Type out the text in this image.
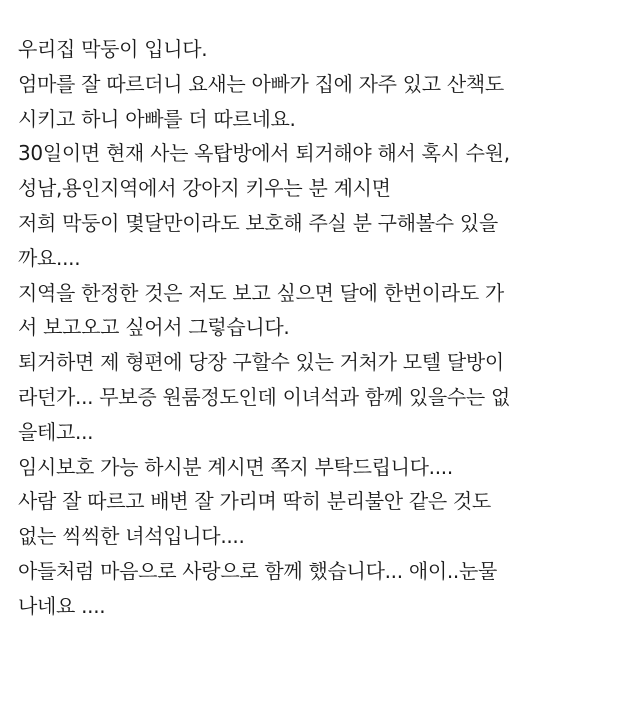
우리집 막둥이 입니다.
엄마를 잘 따르더니 요새는 아빠가 집에 자주 있고 산책도
시키고 하니 아빠를 더 따르네요.
30일이면 현재 사는 옥탑방에서 퇴거해야 해서 혹시 수원,
성남,용인지역에서 강아지 키우는 분 계시면
저희 막둥이 몇달만이라도 보호해 주실 분 구해볼수 있을
까요....
지역을 한정한 것은 저도 보고 싶으면 달에 한번이라도 가
서 보고오고 싶어서 그렇습니다.
퇴거하면 제 형편에 당장 구할수 있는 거처가 모텔 달방이
라던가... 무보증 원룸정도인데 이녀석과 함께 있을수는 없
을테고...
임시보호 가능 하시분 계시면 쪽지 부탁드립니다....
사람 잘 따르고 배변 잘 가리며 딱히 분리불안 같은 것도
없는 씩씩한 녀석입니다....
아들처럼 마음으로 사랑으로 함께 했습니다... 애이..눈물
나네요 ....
